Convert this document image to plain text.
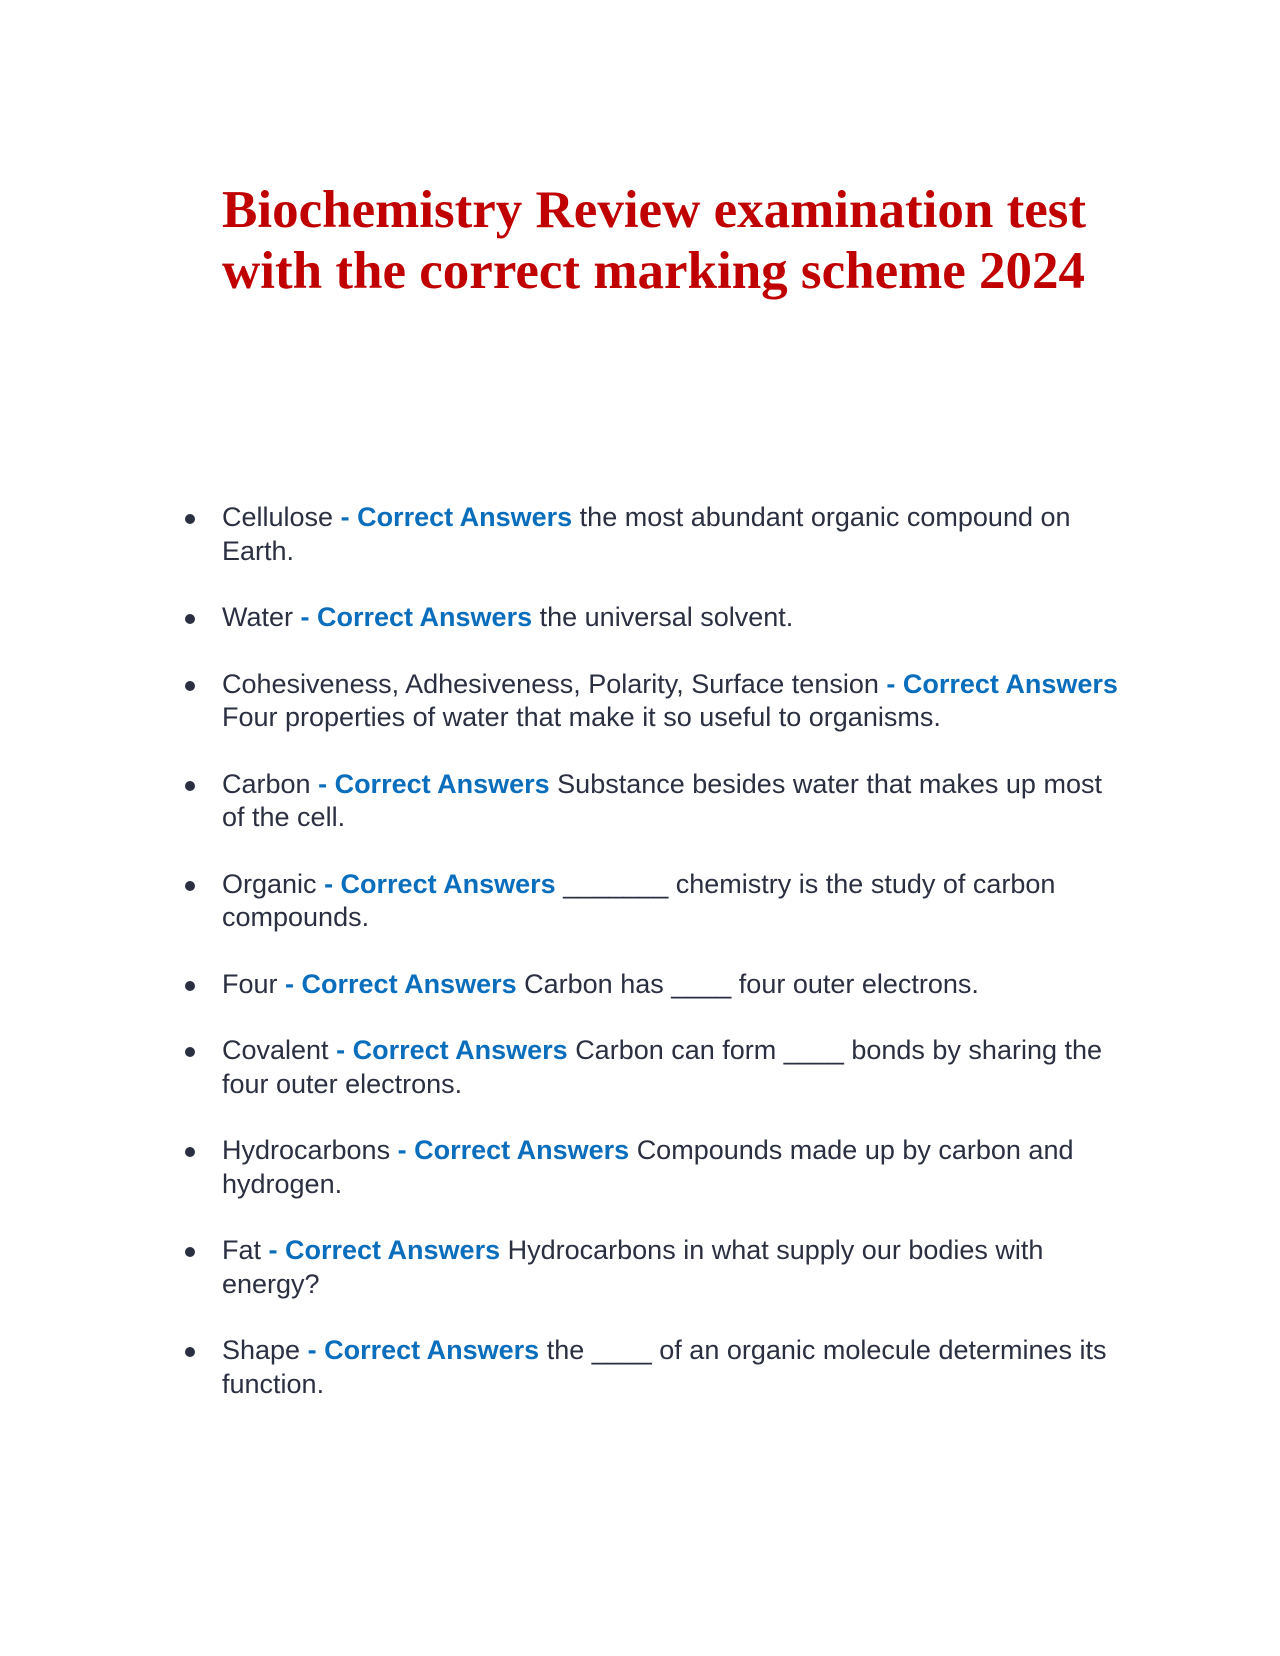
Biochemistry Review examination test with the correct marking scheme 2024
Cellulose - Correct Answers the most abundant organic compound on Earth.
Water - Correct Answers the universal solvent.
Cohesiveness, Adhesiveness, Polarity, Surface tension - Correct Answers Four properties of water that make it so useful to organisms.
Carbon - Correct Answers Substance besides water that makes up most of the cell.
Organic - Correct Answers _______ chemistry is the study of carbon compounds.
Four - Correct Answers Carbon has ____ four outer electrons.
Covalent - Correct Answers Carbon can form ____ bonds by sharing the four outer electrons.
Hydrocarbons - Correct Answers Compounds made up by carbon and hydrogen.
Fat - Correct Answers Hydrocarbons in what supply our bodies with energy?
Shape - Correct Answers the ____ of an organic molecule determines its function.
